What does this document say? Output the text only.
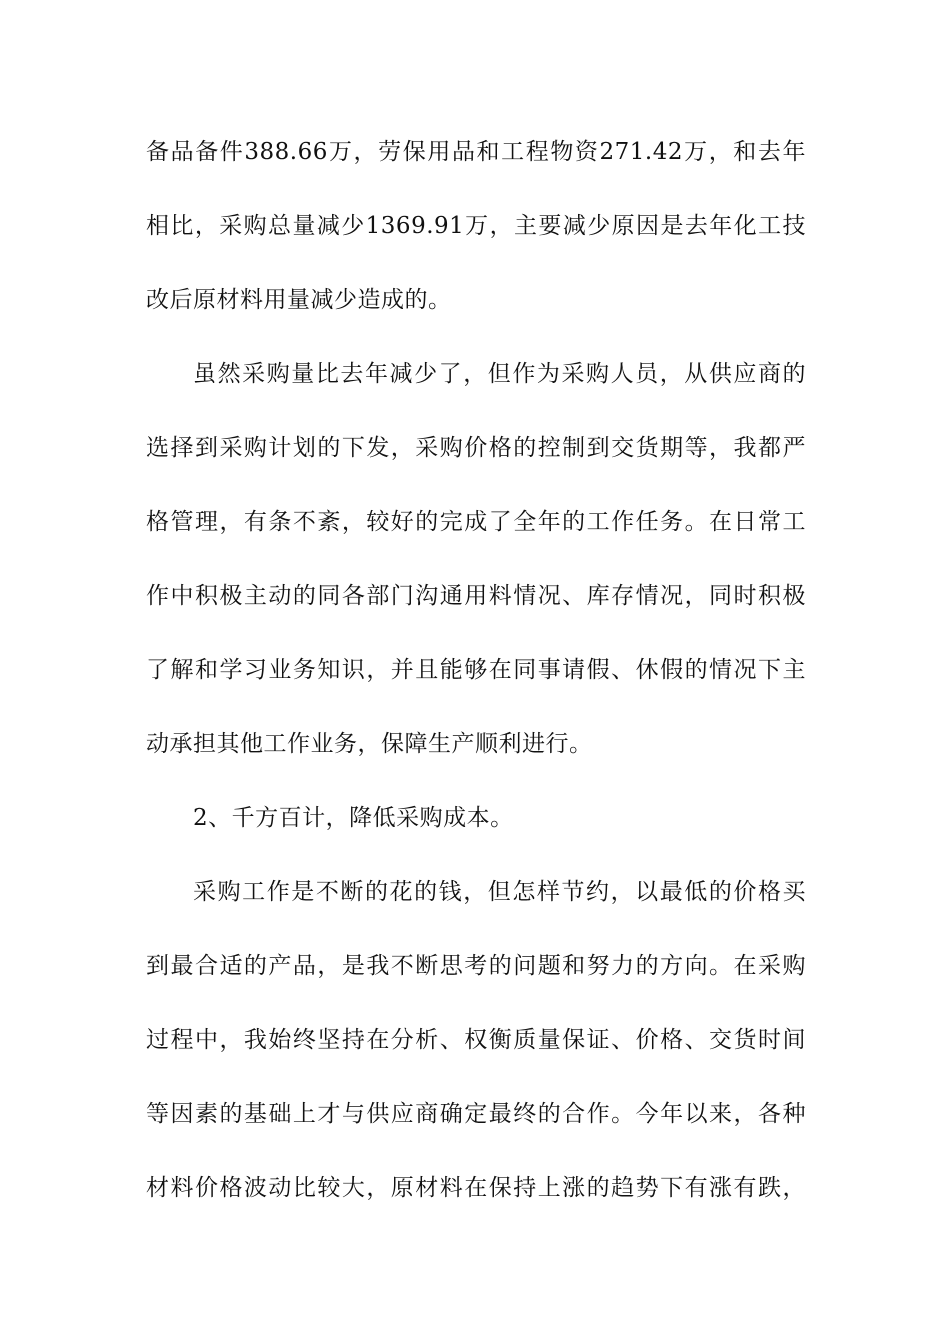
备品备件388.66万，劳保用品和工程物资271.42万，和去年
相比，采购总量减少1369.91万，主要减少原因是去年化工技
改后原材料用量减少造成的。
虽然采购量比去年减少了，但作为采购人员，从供应商的
选择到采购计划的下发，采购价格的控制到交货期等，我都严
格管理，有条不紊，较好的完成了全年的工作任务。在日常工
作中积极主动的同各部门沟通用料情况、库存情况，同时积极
了解和学习业务知识，并且能够在同事请假、休假的情况下主
动承担其他工作业务，保障生产顺利进行。
2、千方百计，降低采购成本。
采购工作是不断的花的钱，但怎样节约，以最低的价格买
到最合适的产品，是我不断思考的问题和努力的方向。在采购
过程中，我始终坚持在分析、权衡质量保证、价格、交货时间
等因素的基础上才与供应商确定最终的合作。今年以来，各种
材料价格波动比较大，原材料在保持上涨的趋势下有涨有跌，
